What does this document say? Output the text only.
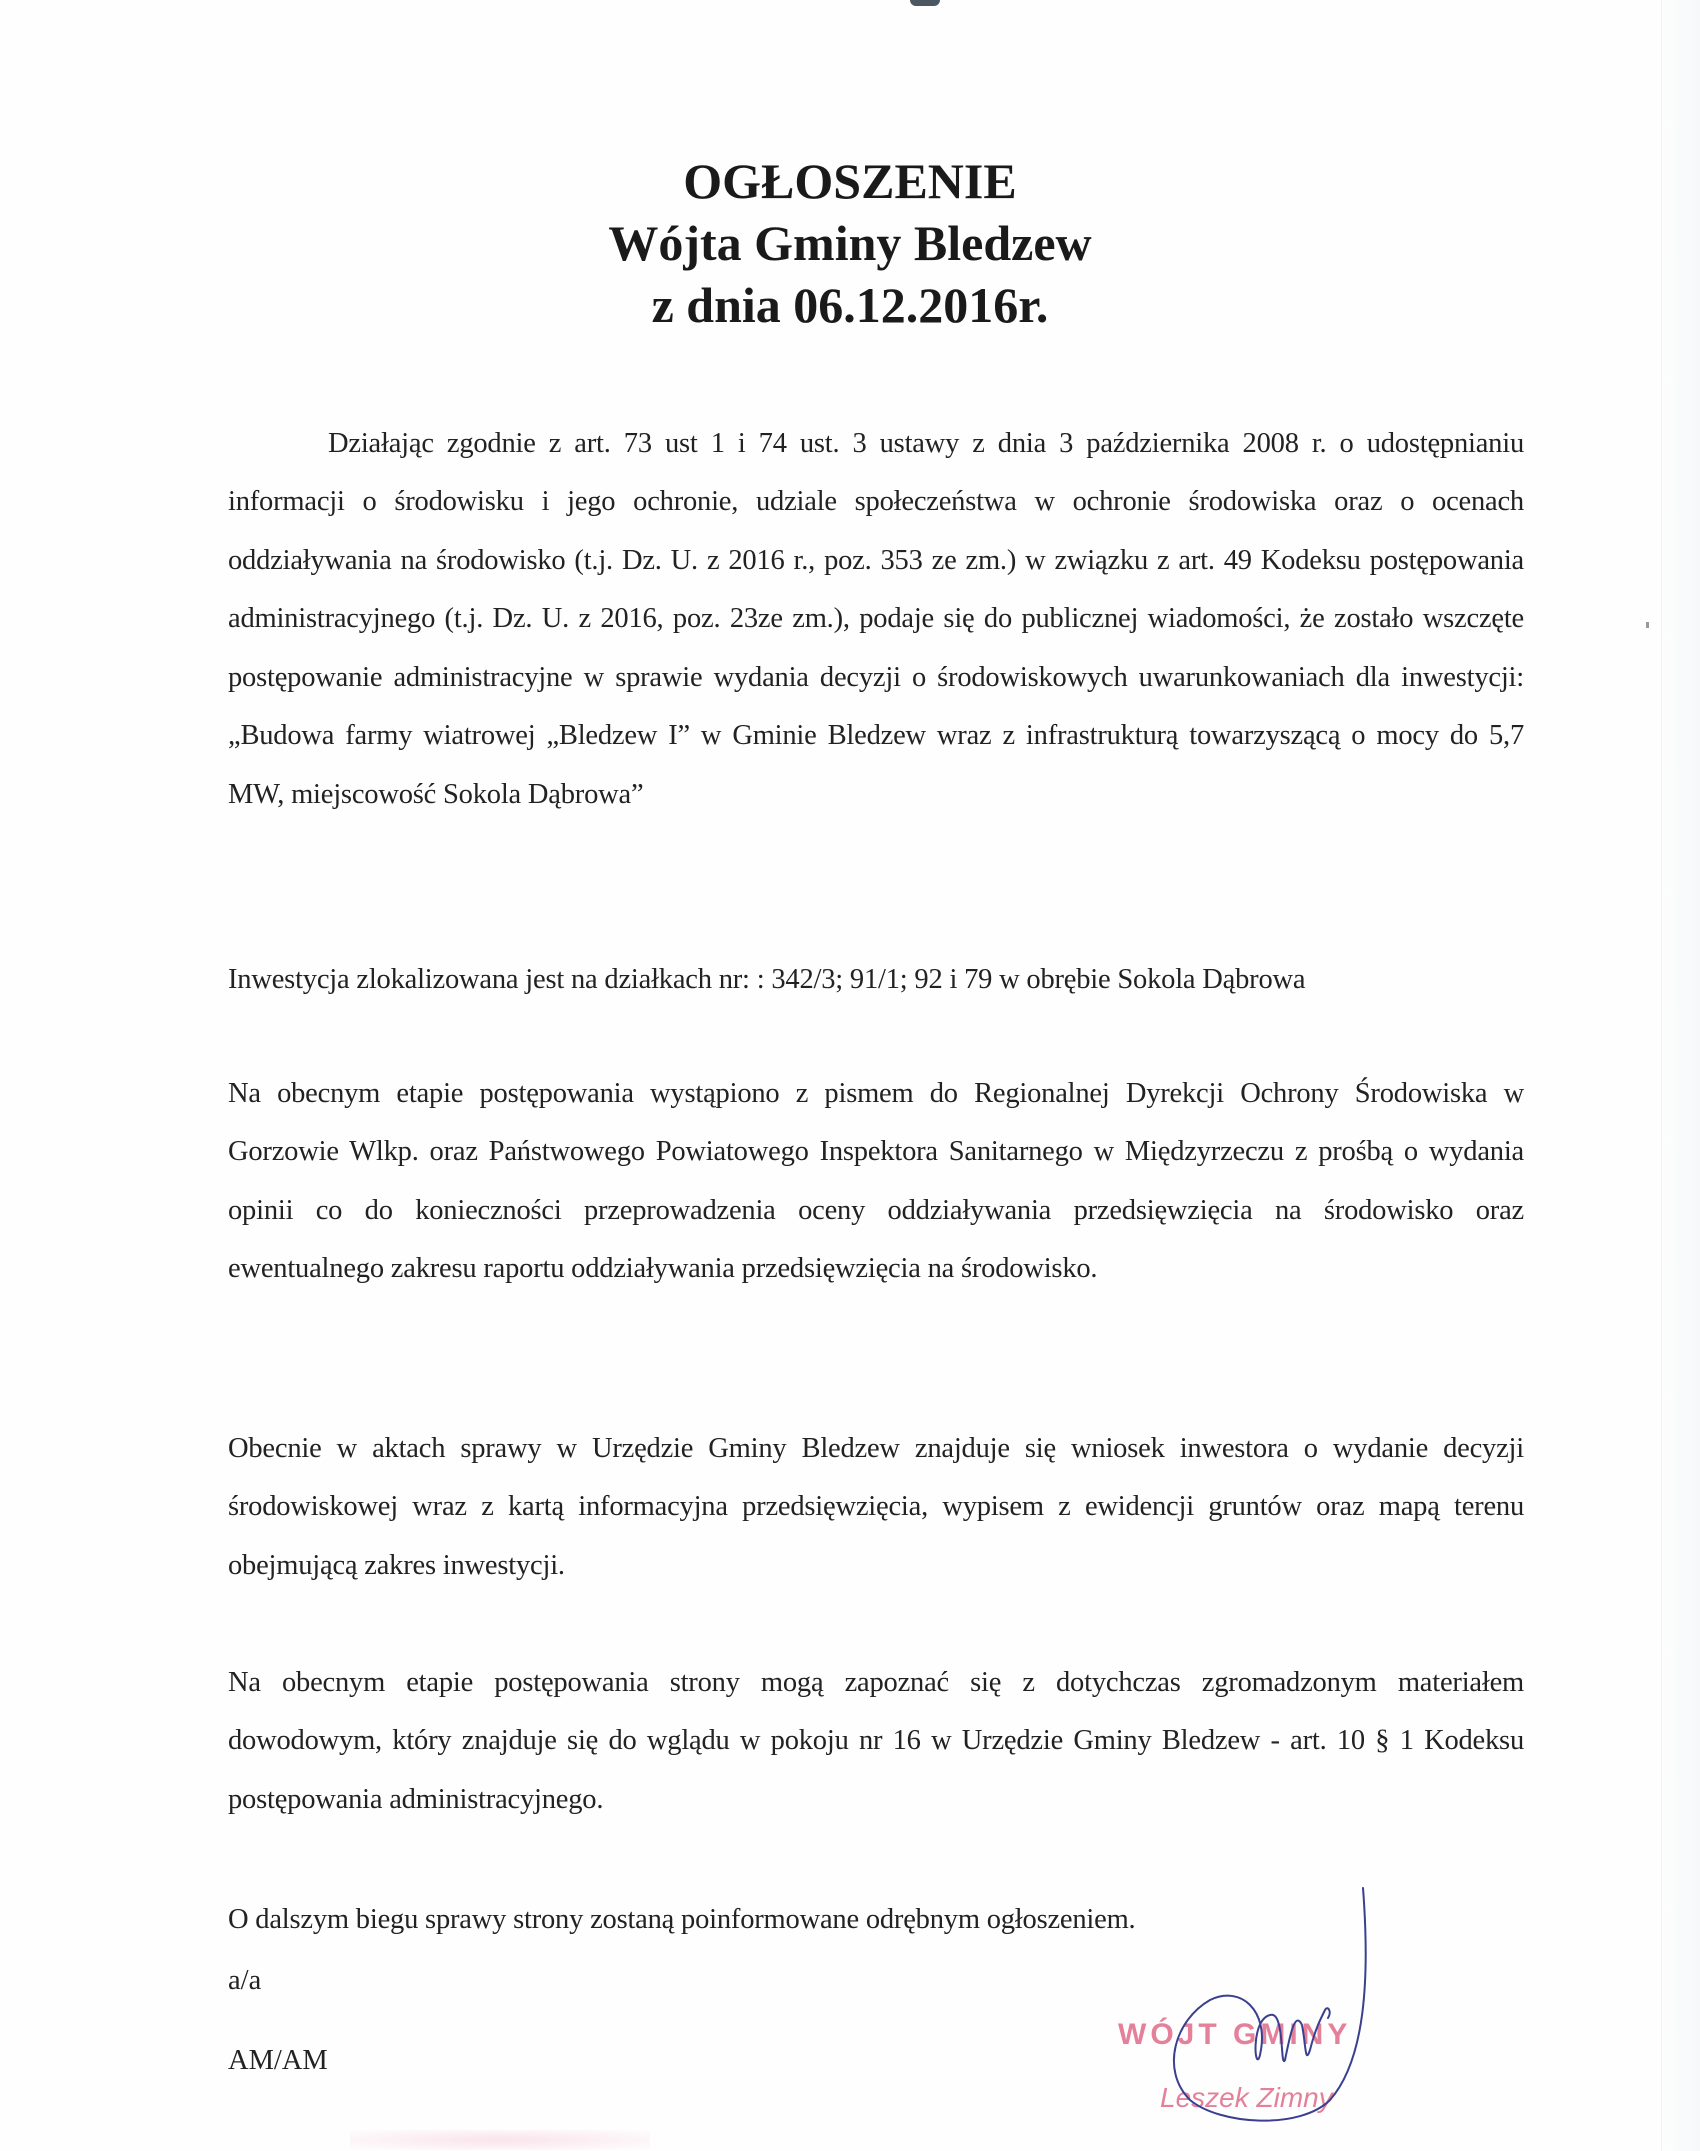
OGŁOSZENIE
Wójta Gminy Bledzew
z dnia 06.12.2016r.

Działając zgodnie z art. 73 ust 1 i 74 ust. 3 ustawy z dnia 3 października 2008 r. o udostępnianiu informacji o środowisku i jego ochronie, udziale społeczeństwa w ochronie środowiska oraz o ocenach oddziaływania na środowisko (t.j. Dz. U. z 2016 r., poz. 353 ze zm.) w związku z art. 49 Kodeksu postępowania administracyjnego (t.j. Dz. U. z 2016, poz. 23ze zm.), podaje się do publicznej wiadomości, że zostało wszczęte postępowanie administracyjne w sprawie wydania decyzji o środowiskowych uwarunkowaniach dla inwestycji: „Budowa farmy wiatrowej „Bledzew I” w Gminie Bledzew wraz z infrastrukturą towarzyszącą o mocy do 5,7 MW, miejscowość Sokola Dąbrowa”

Inwestycja zlokalizowana jest na działkach nr: : 342/3; 91/1; 92 i 79 w obrębie Sokola Dąbrowa

Na obecnym etapie postępowania wystąpiono z pismem do Regionalnej Dyrekcji Ochrony Środowiska w Gorzowie Wlkp. oraz Państwowego Powiatowego Inspektora Sanitarnego w Międzyrzeczu z prośbą o wydania opinii co do konieczności przeprowadzenia oceny oddziaływania przedsięwzięcia na środowisko oraz ewentualnego zakresu raportu oddziaływania przedsięwzięcia na środowisko.

Obecnie w aktach sprawy w Urzędzie Gminy Bledzew znajduje się wniosek inwestora o wydanie decyzji środowiskowej wraz z kartą informacyjna przedsięwzięcia, wypisem z ewidencji gruntów oraz mapą terenu obejmującą zakres inwestycji.

Na obecnym etapie postępowania strony mogą zapoznać się z dotychczas zgromadzonym materiałem dowodowym, który znajduje się do wglądu w pokoju nr 16 w Urzędzie Gminy Bledzew - art. 10 § 1 Kodeksu postępowania administracyjnego.

O dalszym biegu sprawy strony zostaną poinformowane odrębnym ogłoszeniem.

a/a
AM/AM
WÓJT GMINY
Leszek Zimny
